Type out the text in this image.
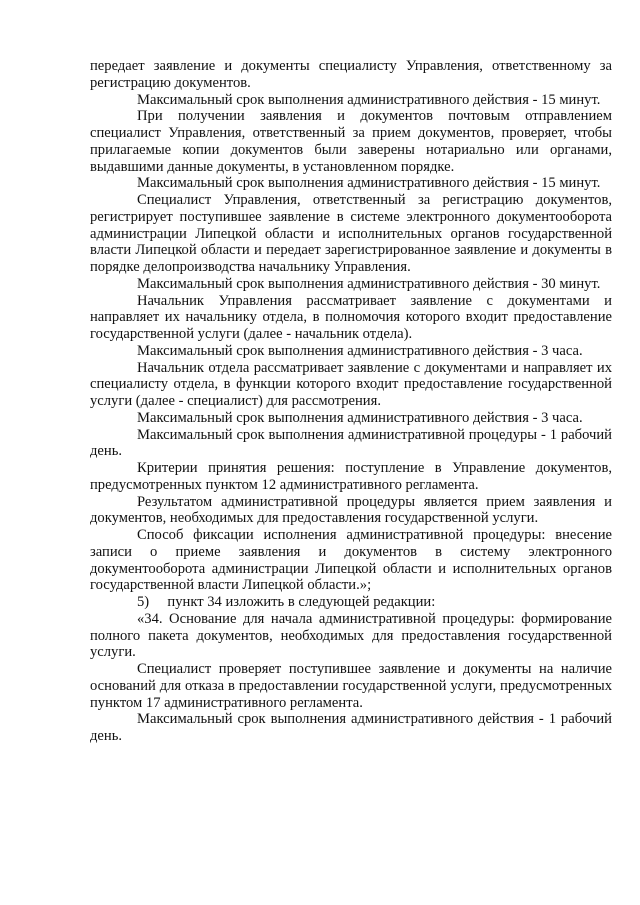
передает заявление и документы специалисту Управления, ответственному за регистрацию документов.

Максимальный срок выполнения административного действия - 15 минут.

При получении заявления и документов почтовым отправлением специалист Управления, ответственный за прием документов, проверяет, чтобы прилагаемые копии документов были заверены нотариально или органами, выдавшими данные документы, в установленном порядке.

Максимальный срок выполнения административного действия - 15 минут.

Специалист Управления, ответственный за регистрацию документов, регистрирует поступившее заявление в системе электронного документооборота администрации Липецкой области и исполнительных органов государственной власти Липецкой области и передает зарегистрированное заявление и документы в порядке делопроизводства начальнику Управления.

Максимальный срок выполнения административного действия - 30 минут.

Начальник Управления рассматривает заявление с документами и направляет их начальнику отдела, в полномочия которого входит предоставление государственной услуги (далее - начальник отдела).

Максимальный срок выполнения административного действия - 3 часа.

Начальник отдела рассматривает заявление с документами и направляет их специалисту отдела, в функции которого входит предоставление государственной услуги (далее - специалист) для рассмотрения.

Максимальный срок выполнения административного действия - 3 часа.

Максимальный срок выполнения административной процедуры - 1 рабочий день.

Критерии принятия решения: поступление в Управление документов, предусмотренных пунктом 12 административного регламента.

Результатом административной процедуры является прием заявления и документов, необходимых для предоставления государственной услуги.

Способ фиксации исполнения административной процедуры: внесение записи о приеме заявления и документов в систему электронного документооборота администрации Липецкой области и исполнительных органов государственной власти Липецкой области.»;

5)     пункт 34 изложить в следующей редакции:

«34. Основание для начала административной процедуры: формирование полного пакета документов, необходимых для предоставления государственной услуги.

Специалист проверяет поступившее заявление и документы на наличие оснований для отказа в предоставлении государственной услуги, предусмотренных пунктом 17 административного регламента.

Максимальный срок выполнения административного действия - 1 рабочий день.
